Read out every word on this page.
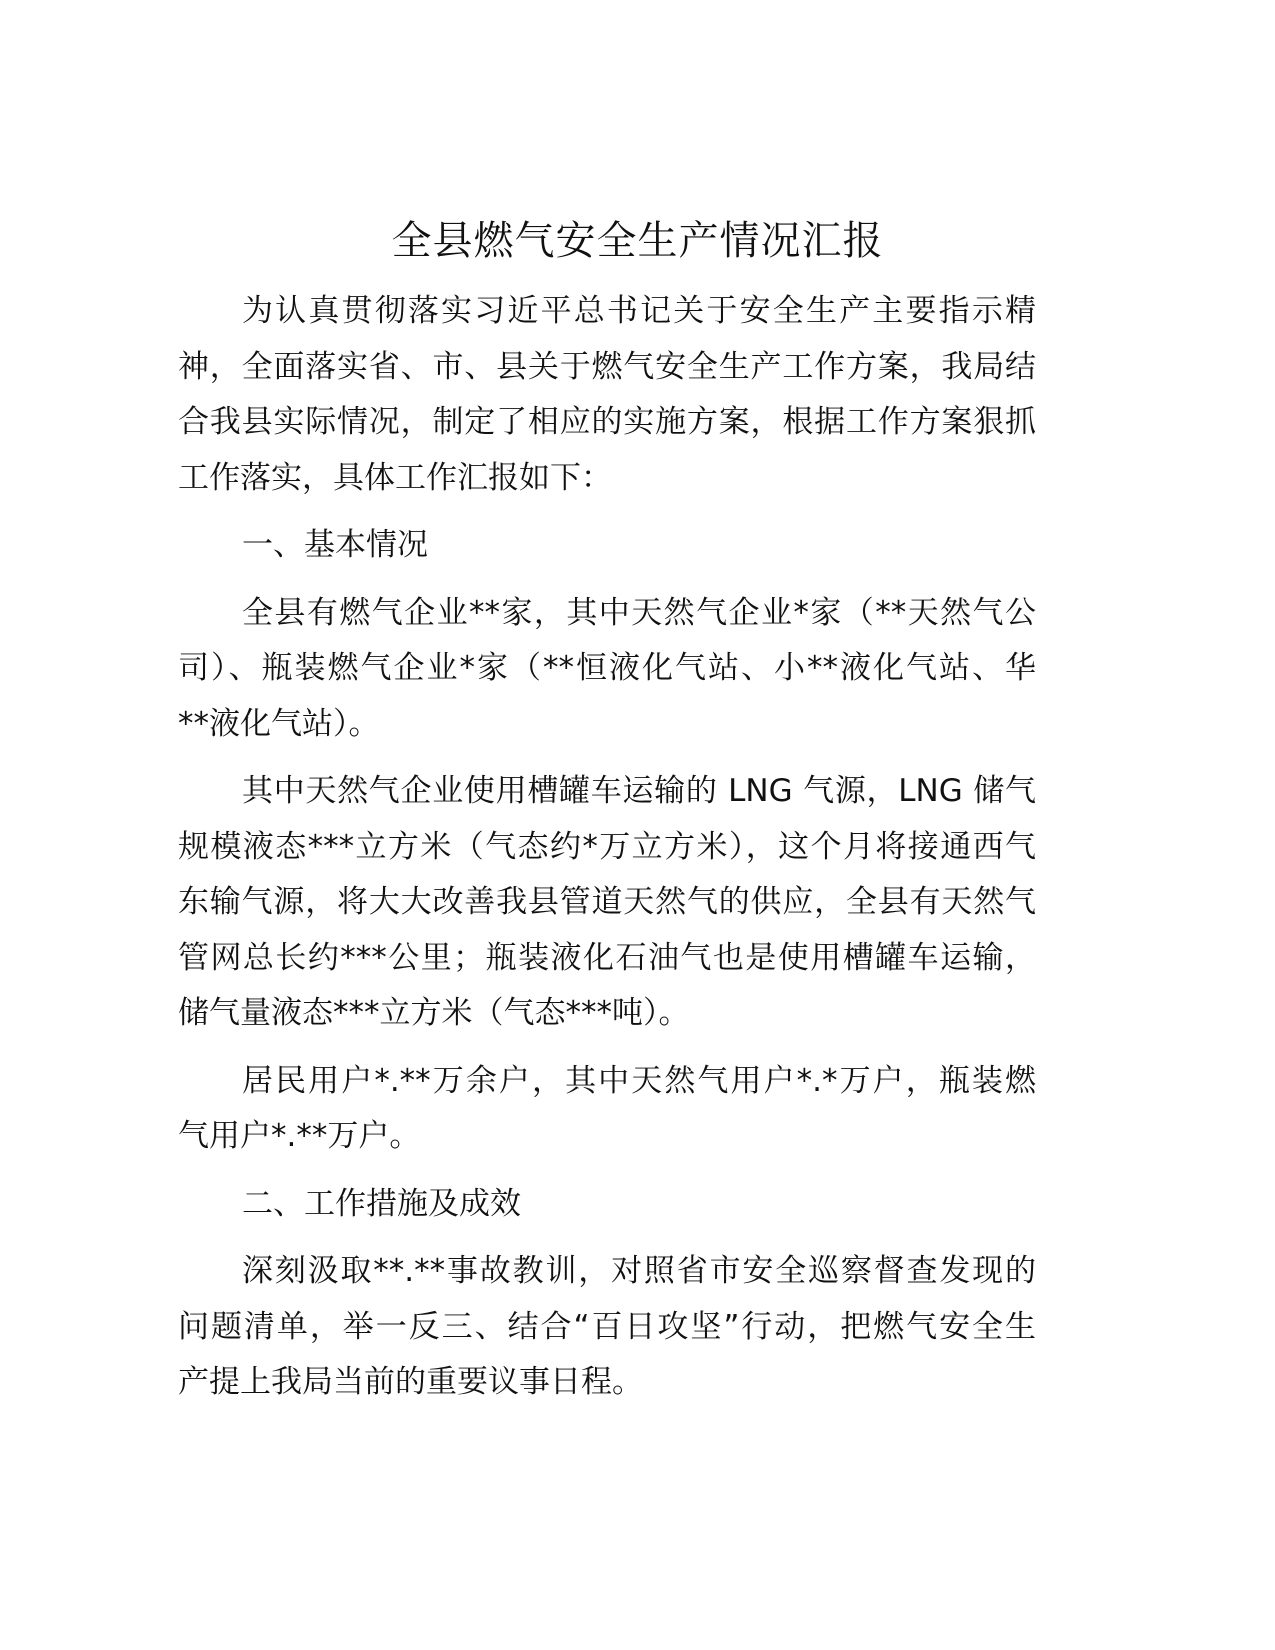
全县燃气安全生产情况汇报
为认真贯彻落实习近平总书记关于安全生产主要指示精
神，全面落实省、市、县关于燃气安全生产工作方案，我局结
合我县实际情况，制定了相应的实施方案，根据工作方案狠抓
工作落实，具体工作汇报如下：
一、基本情况
全县有燃气企业**家，其中天然气企业*家（**天然气公
司）、瓶装燃气企业*家（**恒液化气站、小**液化气站、华
**液化气站）。
其中天然气企业使用槽罐车运输的 LNG 气源，LNG 储气
规模液态***立方米（气态约*万立方米），这个月将接通西气
东输气源，将大大改善我县管道天然气的供应，全县有天然气
管网总长约***公里；瓶装液化石油气也是使用槽罐车运输，
储气量液态***立方米（气态***吨）。
居民用户*.**万余户，其中天然气用户*.*万户，瓶装燃
气用户*.**万户。
二、工作措施及成效
深刻汲取**.**事故教训，对照省市安全巡察督查发现的
问题清单，举一反三、结合“百日攻坚”行动，把燃气安全生
产提上我局当前的重要议事日程。
